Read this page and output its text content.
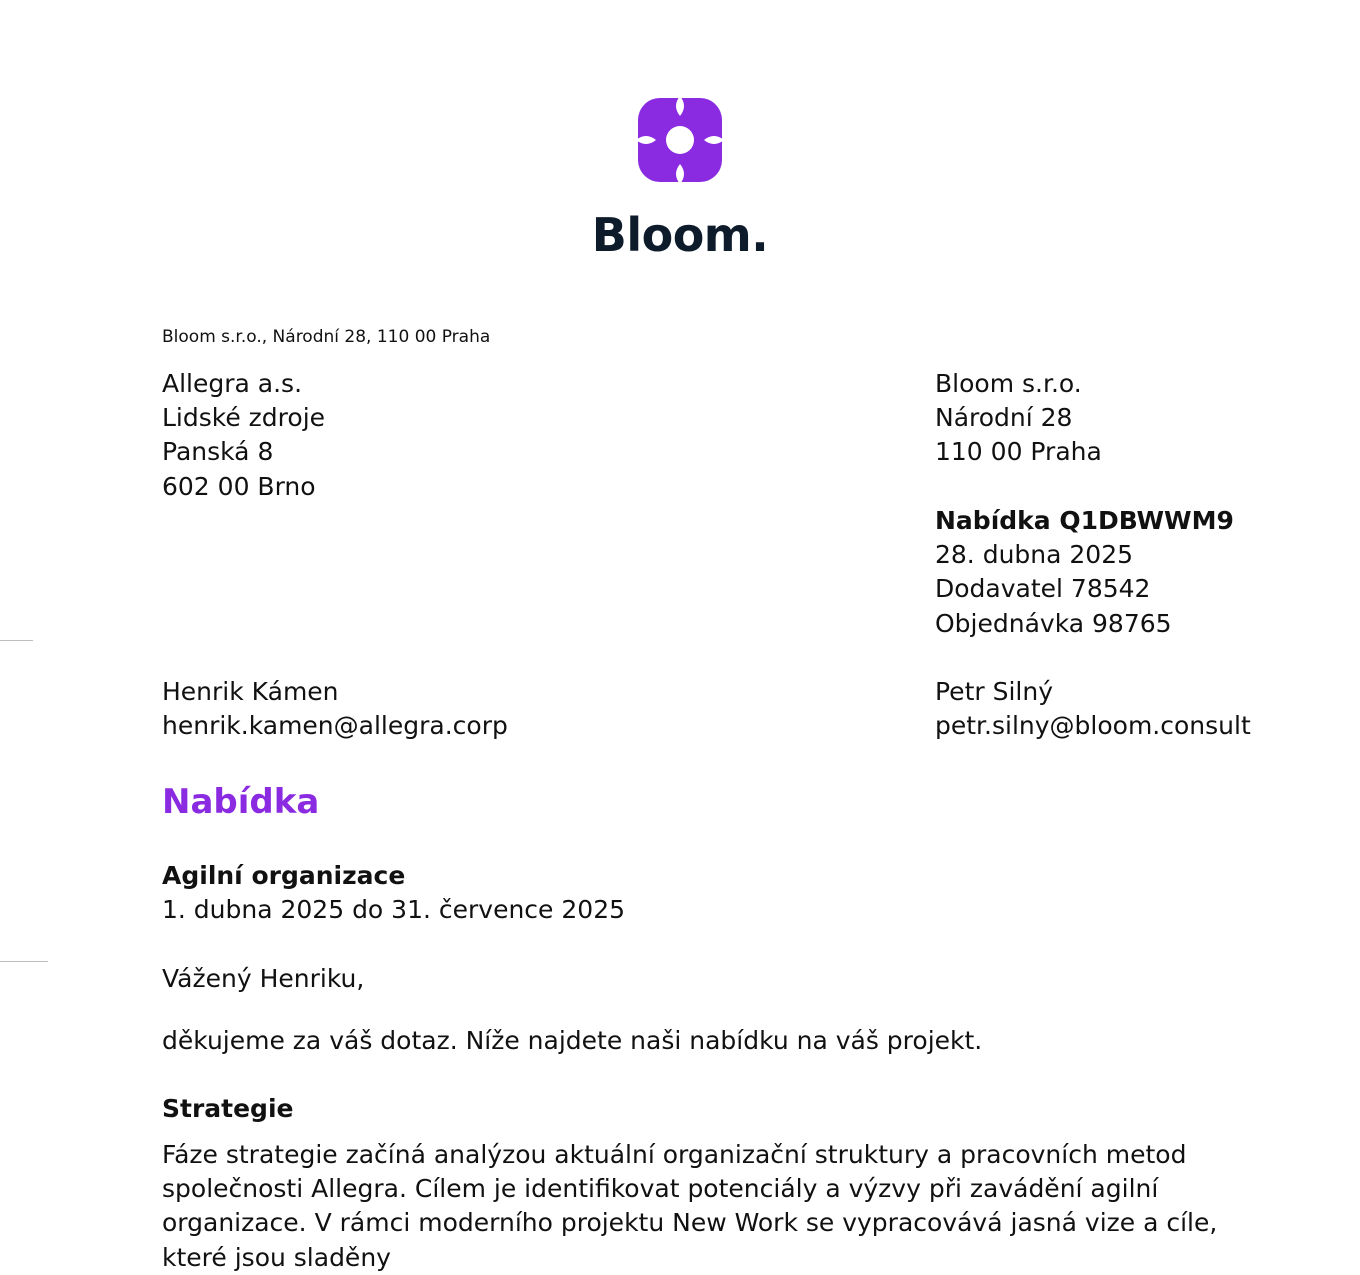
Bloom.
Bloom s.r.o., Národní 28, 110 00 Praha
Allegra a.s.
Lidské zdroje
Panská 8
602 00 Brno
Bloom s.r.o.
Národní 28
110 00 Praha
Nabídka Q1DBWWM9
28. dubna 2025
Dodavatel 78542
Objednávka 98765
Henrik Kámen
henrik.kamen@allegra.corp
Petr Silný
petr.silny@bloom.consult
Nabídka
Agilní organizace
1. dubna 2025 do 31. července 2025
Vážený Henriku,
děkujeme za váš dotaz. Níže najdete naši nabídku na váš projekt.
Strategie
Fáze strategie začíná analýzou aktuální organizační struktury a pracovních metod společnosti Allegra. Cílem je identifikovat potenciály a výzvy při zavádění agilní organizace. V rámci moderního projektu New Work se vypracovává jasná vize a cíle, které jsou sladěny
